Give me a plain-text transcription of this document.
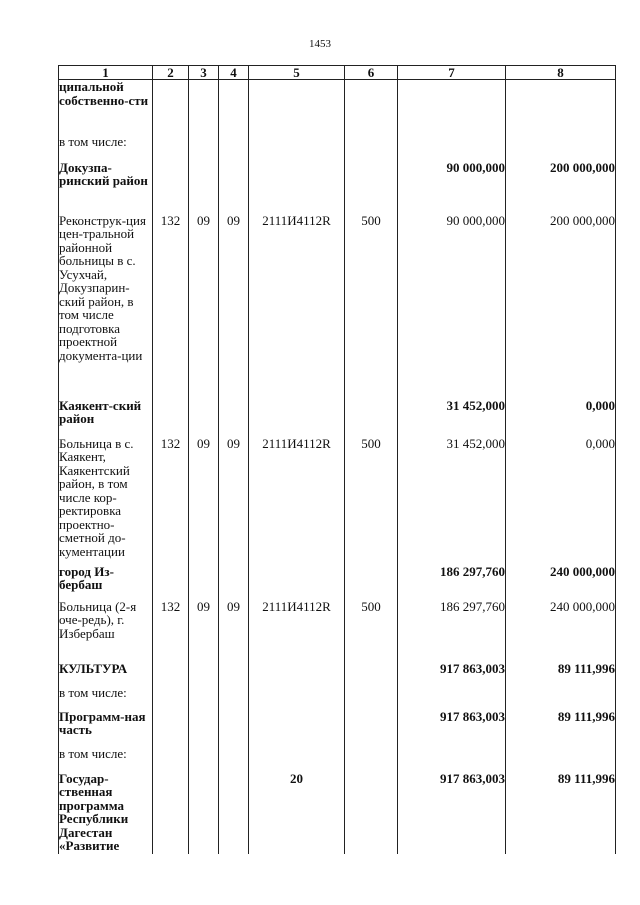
1453
1	2	3	4	5	6	7	8
ципальной собственно-сти							
в том числе:							
Докузпа-ринский район						90 000,000	200 000,000
Реконструк-ция цен-тральной районной больницы в с. Усухчай, Докузпарин-ский район, в том числе подготовка проектной документа-ции	132	09	09	2111И4112R	500	90 000,000	200 000,000
Каякент-ский район						31 452,000	0,000
Больница в с. Каякент, Каякентский район, в том числе кор-ректировка проектно-сметной до-кументации	132	09	09	2111И4112R	500	31 452,000	0,000
город Из-бербаш						186 297,760	240 000,000
Больница (2-я оче-редь), г. Избербаш	132	09	09	2111И4112R	500	186 297,760	240 000,000
КУЛЬТУРА						917 863,003	89 111,996
в том числе:							
Программ-ная часть						917 863,003	89 111,996
в том числе:							
Государ-ственная программа Республики Дагестан «Развитие				20		917 863,003	89 111,996
